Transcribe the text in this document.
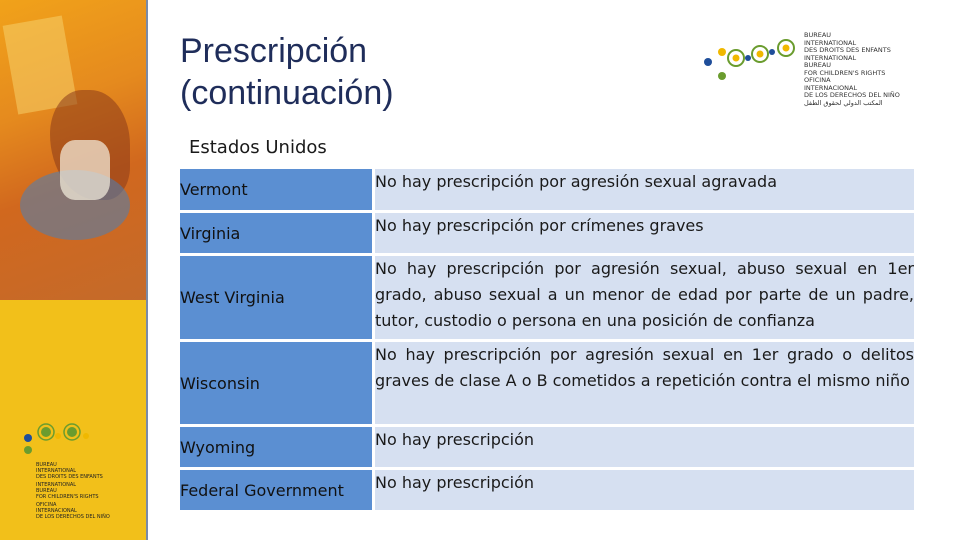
BUREAU
INTERNATIONAL
DES DROITS DES ENFANTS
INTERNATIONAL
BUREAU
FOR CHILDREN'S RIGHTS
OFICINA
INTERNACIONAL
DE LOS DERECHOS DEL NIÑO
Prescripción
(continuación)
BUREAU
INTERNATIONAL
DES DROITS DES ENFANTS
INTERNATIONAL
BUREAU
FOR CHILDREN'S RIGHTS
OFICINA
INTERNACIONAL
DE LOS DERECHOS DEL NIÑO
المكتب الدولي لحقوق الطفل
Estados Unidos
Vermont	No hay prescripción por agresión sexual agravada
Virginia	No hay prescripción por crímenes graves
West Virginia	No hay prescripción por agresión sexual, abuso sexual en 1er grado, abuso sexual a un menor de edad por parte de un padre, tutor, custodio o persona en una posición de confianza
Wisconsin	No hay prescripción por agresión sexual en 1er grado o delitos graves de clase A o B cometidos a repetición contra el mismo niño
Wyoming	No hay prescripción
Federal Government	No hay prescripción
